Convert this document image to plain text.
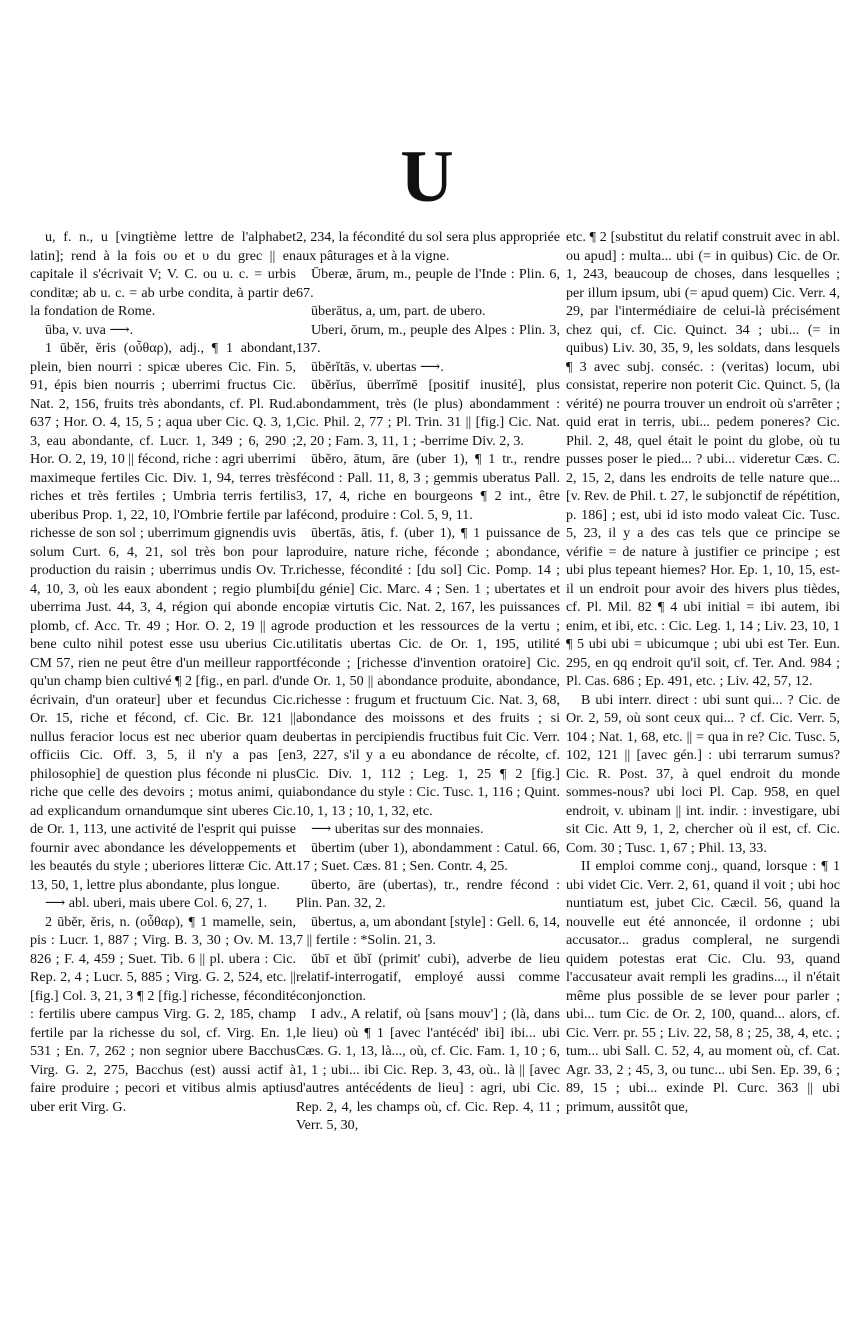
U

u, f. n., u [vingtième lettre de l'alphabet latin]; rend à la fois ου et υ du grec || en capitale il s'écrivait V; V. C. ou u. c. = urbis conditæ; ab u. c. = ab urbe condita, à partir de la fondation de Rome.

ūba, v. uva ⟶.

1 ūbĕr, ĕris (οὖθαρ), adj., ¶ 1 abondant, plein, bien nourri : spicæ uberes Cic. Fin. 5, 91, épis bien nourris ; uberrimi fructus Cic. Nat. 2, 156, fruits très abondants, cf. Pl. Rud. 637 ; Hor. O. 4, 15, 5 ; aqua uber Cic. Q. 3, 1, 3, eau abondante, cf. Lucr. 1, 349 ; 6, 290 ; Hor. O. 2, 19, 10 || fécond, riche : agri uberrimi maximeque fertiles Cic. Div. 1, 94, terres très riches et très fertiles ; Umbria terris fertilis uberibus Prop. 1, 22, 10, l'Ombrie fertile par la richesse de son sol ; uberrimum gignendis uvis solum Curt. 6, 4, 21, sol très bon pour la production du raisin ; uberrimus undis Ov. Tr. 4, 10, 3, où les eaux abondent ; regio plumbi uberrima Just. 44, 3, 4, région qui abonde en plomb, cf. Acc. Tr. 49 ; Hor. O. 2, 19 || agro bene culto nihil potest esse usu uberius Cic. CM 57, rien ne peut être d'un meilleur rapport qu'un champ bien cultivé ¶ 2 [fig., en parl. d'un écrivain, d'un orateur] uber et fecundus Cic. Or. 15, riche et fécond, cf. Cic. Br. 121 || nullus feracior locus est nec uberior quam de officiis Cic. Off. 3, 5, il n'y a pas [en philosophie] de question plus féconde ni plus riche que celle des devoirs ; motus animi, qui ad explicandum ornandumque sint uberes Cic. de Or. 1, 113, une activité de l'esprit qui puisse fournir avec abondance les développements et les beautés du style ; uberiores litteræ Cic. Att. 13, 50, 1, lettre plus abondante, plus longue.

⟶ abl. uberi, mais ubere Col. 6, 27, 1.

2 ūbĕr, ĕris, n. (οὖθαρ), ¶ 1 mamelle, sein, pis : Lucr. 1, 887 ; Virg. B. 3, 30 ; Ov. M. 13, 826 ; F. 4, 459 ; Suet. Tib. 6 || pl. ubera : Cic. Rep. 2, 4 ; Lucr. 5, 885 ; Virg. G. 2, 524, etc. || [fig.] Col. 3, 21, 3 ¶ 2 [fig.] richesse, fécondité : fertilis ubere campus Virg. G. 2, 185, champ fertile par la richesse du sol, cf. Virg. En. 1, 531 ; En. 7, 262 ; non segnior ubere Bacchus Virg. G. 2, 275, Bacchus (est) aussi actif à faire produire ; pecori et vitibus almis aptius uber erit Virg. G.

2, 234, la fécondité du sol sera plus appropriée aux pâturages et à la vigne.

Ūberæ, ārum, m., peuple de l'Inde : Plin. 6, 67.

ūberātus, a, um, part. de ubero.

Uberi, ōrum, m., peuple des Alpes : Plin. 3, 137.

ūbĕrĭtās, v. ubertas ⟶.

ūbĕrĭus, ūberrĭmē [positif inusité], plus abondamment, très (le plus) abondamment : Cic. Phil. 2, 77 ; Pl. Trin. 31 || [fig.] Cic. Nat. 2, 20 ; Fam. 3, 11, 1 ; -berrime Div. 2, 3.

ūbĕro, ātum, āre (uber 1), ¶ 1 tr., rendre fécond : Pall. 11, 8, 3 ; gemmis uberatus Pall. 3, 17, 4, riche en bourgeons ¶ 2 int., être fécond, produire : Col. 5, 9, 11.

ūbertās, ātis, f. (uber 1), ¶ 1 puissance de produire, nature riche, féconde ; abondance, richesse, fécondité : [du sol] Cic. Pomp. 14 ; [du génie] Cic. Marc. 4 ; Sen. 1 ; ubertates et copiæ virtutis Cic. Nat. 2, 167, les puissances de production et les ressources de la vertu ; utilitatis ubertas Cic. de Or. 1, 195, utilité féconde ; [richesse d'invention oratoire] Cic. de Or. 1, 50 || abondance produite, abondance, richesse : frugum et fructuum Cic. Nat. 3, 68, abondance des moissons et des fruits ; si ubertas in percipiendis fructibus fuit Cic. Verr. 3, 227, s'il y a eu abondance de récolte, cf. Cic. Div. 1, 112 ; Leg. 1, 25 ¶ 2 [fig.] abondance du style : Cic. Tusc. 1, 116 ; Quint. 10, 1, 13 ; 10, 1, 32, etc.

⟶ uberitas sur des monnaies.

ūbertim (uber 1), abondamment : Catul. 66, 17 ; Suet. Cæs. 81 ; Sen. Contr. 4, 25.

ūberto, āre (ubertas), tr., rendre fécond : Plin. Pan. 32, 2.

ūbertus, a, um abondant [style] : Gell. 6, 14, 7 || fertile : *Solin. 21, 3.

ŭbī et ŭbĭ (primit' cubi), adverbe de lieu relatif-interrogatif, employé aussi comme conjonction.

I adv., A relatif, où [sans mouv'] ; (là, dans le lieu) où ¶ 1 [avec l'antécéd' ibi] ibi... ubi Cæs. G. 1, 13, là..., où, cf. Cic. Fam. 1, 10 ; 6, 1, 1 ; ubi... ibi Cic. Rep. 3, 43, où.. là || [avec d'autres antécédents de lieu] : agri, ubi Cic. Rep. 2, 4, les champs où, cf. Cic. Rep. 4, 11 ; Verr. 5, 30,

etc. ¶ 2 [substitut du relatif construit avec in abl. ou apud] : multa... ubi (= in quibus) Cic. de Or. 1, 243, beaucoup de choses, dans lesquelles ; per illum ipsum, ubi (= apud quem) Cic. Verr. 4, 29, par l'intermédiaire de celui-là précisément chez qui, cf. Cic. Quinct. 34 ; ubi... (= in quibus) Liv. 30, 35, 9, les soldats, dans lesquels ¶ 3 avec subj. conséc. : (veritas) locum, ubi consistat, reperire non poterit Cic. Quinct. 5, (la vérité) ne pourra trouver un endroit où s'arrêter ; quid erat in terris, ubi... pedem poneres? Cic. Phil. 2, 48, quel était le point du globe, où tu pusses poser le pied... ? ubi... videretur Cæs. C. 2, 15, 2, dans les endroits de telle nature que... [v. Rev. de Phil. t. 27, le subjonctif de répétition, p. 186] ; est, ubi id isto modo valeat Cic. Tusc. 5, 23, il y a des cas tels que ce principe se vérifie = de nature à justifier ce principe ; est ubi plus tepeant hiemes? Hor. Ep. 1, 10, 15, est-il un endroit pour avoir des hivers plus tièdes, cf. Pl. Mil. 82 ¶ 4 ubi initial = ibi autem, ibi enim, et ibi, etc. : Cic. Leg. 1, 14 ; Liv. 23, 10, 1 ¶ 5 ubi ubi = ubicumque ; ubi ubi est Ter. Eun. 295, en qq endroit qu'il soit, cf. Ter. And. 984 ; Pl. Cas. 686 ; Ep. 491, etc. ; Liv. 42, 57, 12.

B ubi interr. direct : ubi sunt qui... ? Cic. de Or. 2, 59, où sont ceux qui... ? cf. Cic. Verr. 5, 104 ; Nat. 1, 68, etc. || = qua in re? Cic. Tusc. 5, 102, 121 || [avec gén.] : ubi terrarum sumus? Cic. R. Post. 37, à quel endroit du monde sommes-nous? ubi loci Pl. Cap. 958, en quel endroit, v. ubinam || int. indir. : investigare, ubi sit Cic. Att 9, 1, 2, chercher où il est, cf. Cic. Com. 30 ; Tusc. 1, 67 ; Phil. 13, 33.

II emploi comme conj., quand, lorsque : ¶ 1 ubi videt Cic. Verr. 2, 61, quand il voit ; ubi hoc nuntiatum est, jubet Cic. Cæcil. 56, quand la nouvelle eut été annoncée, il ordonne ; ubi accusator... gradus compleral, ne surgendi quidem potestas erat Cic. Clu. 93, quand l'accusateur avait rempli les gradins..., il n'était même plus possible de se lever pour parler ; ubi... tum Cic. de Or. 2, 100, quand... alors, cf. Cic. Verr. pr. 55 ; Liv. 22, 58, 8 ; 25, 38, 4, etc. ; tum... ubi Sall. C. 52, 4, au moment où, cf. Cat. Agr. 33, 2 ; 45, 3, ou tunc... ubi Sen. Ep. 39, 6 ; 89, 15 ; ubi... exinde Pl. Curc. 363 || ubi primum, aussitôt que,
